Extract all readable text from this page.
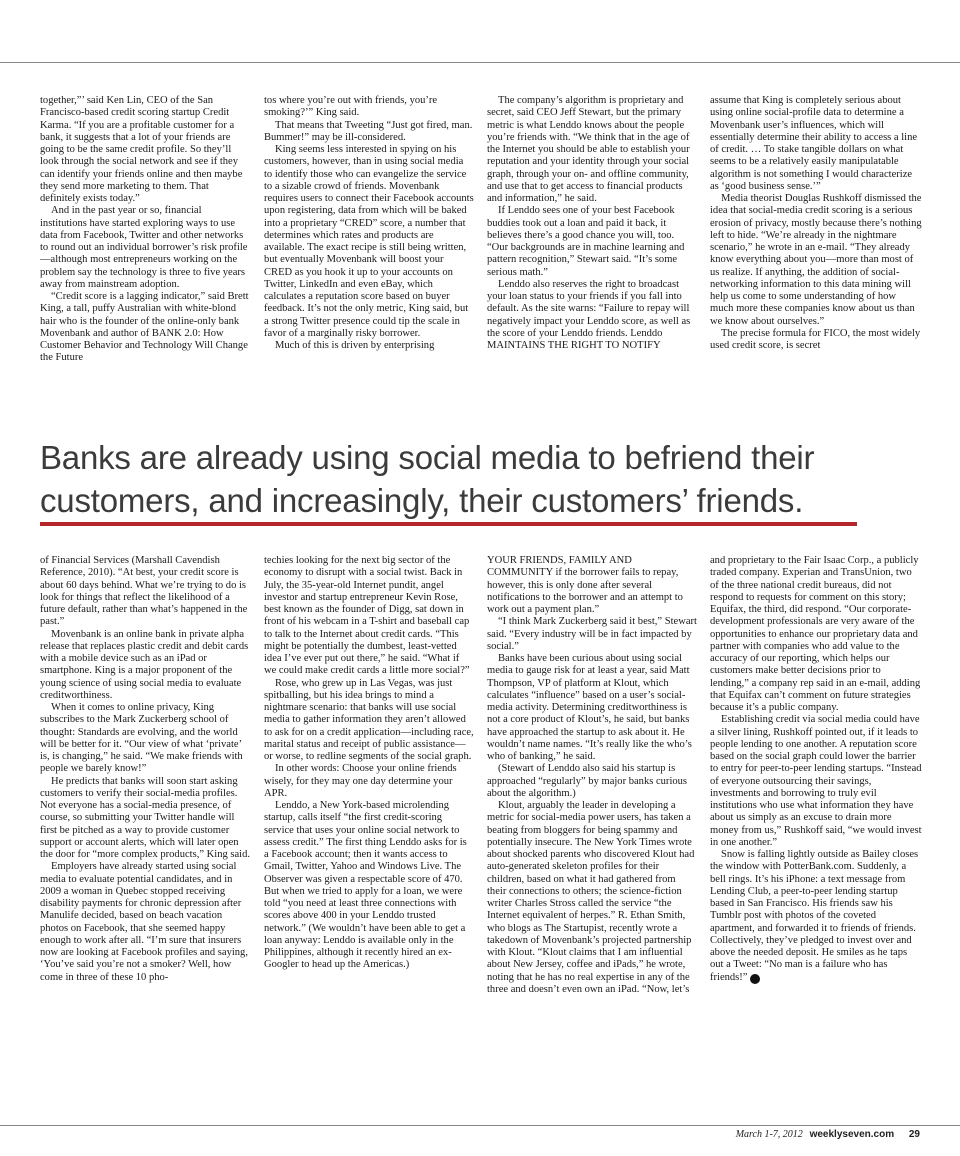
together,”’ said Ken Lin, CEO of the San Francisco-based credit scoring startup Credit Karma. “If you are a profitable customer for a bank, it suggests that a lot of your friends are going to be the same credit profile. So they’ll look through the social network and see if they can identify your friends online and then maybe they send more marketing to them. That definitely exists today.”

And in the past year or so, financial institutions have started exploring ways to use data from Facebook, Twitter and other networks to round out an individual borrower’s risk profile—although most entrepreneurs working on the problem say the technology is three to five years away from mainstream adoption.

“Credit score is a lagging indicator,” said Brett King, a tall, puffy Australian with white-blond hair who is the founder of the online-only bank Movenbank and author of BANK 2.0: How Customer Behavior and Technology Will Change the Future

tos where you’re out with friends, you’re smoking?’” King said.

That means that Tweeting “Just got fired, man. Bummer!” may be ill-considered.

King seems less interested in spying on his customers, however, than in using social media to identify those who can evangelize the service to a sizable crowd of friends. Movenbank requires users to connect their Facebook accounts upon registering, data from which will be baked into a proprietary “CRED” score, a number that determines which rates and products are available. The exact recipe is still being written, but eventually Movenbank will boost your CRED as you hook it up to your accounts on Twitter, LinkedIn and even eBay, which calculates a reputation score based on buyer feedback. It’s not the only metric, King said, but a strong Twitter presence could tip the scale in favor of a marginally risky borrower.

Much of this is driven by enterprising

The company’s algorithm is proprietary and secret, said CEO Jeff Stewart, but the primary metric is what Lenddo knows about the people you’re friends with. “We think that in the age of the Internet you should be able to establish your reputation and your identity through your social graph, through your on- and offline community, and use that to get access to financial products and information,” he said.

If Lenddo sees one of your best Facebook buddies took out a loan and paid it back, it believes there’s a good chance you will, too. “Our backgrounds are in machine learning and pattern recognition,” Stewart said. “It’s some serious math.”

Lenddo also reserves the right to broadcast your loan status to your friends if you fall into default. As the site warns: “Failure to repay will negatively impact your Lenddo score, as well as the score of your Lenddo friends. Lenddo MAINTAINS THE RIGHT TO NOTIFY

assume that King is completely serious about using online social-profile data to determine a Movenbank user’s influences, which will essentially determine their ability to access a line of credit. … To stake tangible dollars on what seems to be a relatively easily manipulatable algorithm is not something I would characterize as ‘good business sense.’”

Media theorist Douglas Rushkoff dismissed the idea that social-media credit scoring is a serious erosion of privacy, mostly because there’s nothing left to hide. “We’re already in the nightmare scenario,” he wrote in an e-mail. “They already know everything about you—more than most of us realize. If anything, the addition of social-networking information to this data mining will help us come to some understanding of how much more these companies know about us than we know about ourselves.”

The precise formula for FICO, the most widely used credit score, is secret

Banks are already using social media to befriend their customers, and increasingly, their customers’ friends.

of Financial Services (Marshall Cavendish Reference, 2010). “At best, your credit score is about 60 days behind. What we’re trying to do is look for things that reflect the likelihood of a future default, rather than what’s happened in the past.”

Movenbank is an online bank in private alpha release that replaces plastic credit and debit cards with a mobile device such as an iPad or smartphone. King is a major proponent of the young science of using social media to evaluate creditworthiness.

When it comes to online privacy, King subscribes to the Mark Zuckerberg school of thought: Standards are evolving, and the world will be better for it. “Our view of what ‘private’ is, is changing,” he said. “We make friends with people we barely know!”

He predicts that banks will soon start asking customers to verify their social-media profiles. Not everyone has a social-media presence, of course, so submitting your Twitter handle will first be pitched as a way to provide customer support or account alerts, which will later open the door for “more complex products,” King said.

Employers have already started using social media to evaluate potential candidates, and in 2009 a woman in Quebec stopped receiving disability payments for chronic depression after Manulife decided, based on beach vacation photos on Facebook, that she seemed happy enough to work after all. “I’m sure that insurers now are looking at Facebook profiles and saying, ‘You’ve said you’re not a smoker? Well, how come in three of these 10 pho-

techies looking for the next big sector of the economy to disrupt with a social twist. Back in July, the 35-year-old Internet pundit, angel investor and startup entrepreneur Kevin Rose, best known as the founder of Digg, sat down in front of his webcam in a T-shirt and baseball cap to talk to the Internet about credit cards. “This might be potentially the dumbest, least-vetted idea I’ve ever put out there,” he said. “What if we could make credit cards a little more social?”

Rose, who grew up in Las Vegas, was just spitballing, but his idea brings to mind a nightmare scenario: that banks will use social media to gather information they aren’t allowed to ask for on a credit application—including race, marital status and receipt of public assistance—or worse, to redline segments of the social graph.

In other words: Choose your online friends wisely, for they may one day determine your APR.

Lenddo, a New York-based microlending startup, calls itself “the first credit-scoring service that uses your online social network to assess credit.” The first thing Lenddo asks for is a Facebook account; then it wants access to Gmail, Twitter, Yahoo and Windows Live. The Observer was given a respectable score of 470. But when we tried to apply for a loan, we were told “you need at least three connections with scores above 400 in your Lenddo trusted network.” (We wouldn’t have been able to get a loan anyway: Lenddo is available only in the Philippines, although it recently hired an ex-Googler to head up the Americas.)

YOUR FRIENDS, FAMILY AND COMMUNITY if the borrower fails to repay, however, this is only done after several notifications to the borrower and an attempt to work out a payment plan.”

“I think Mark Zuckerberg said it best,” Stewart said. “Every industry will be in fact impacted by social.”

Banks have been curious about using social media to gauge risk for at least a year, said Matt Thompson, VP of platform at Klout, which calculates “influence” based on a user’s social-media activity. Determining creditworthiness is not a core product of Klout’s, he said, but banks have approached the startup to ask about it. He wouldn’t name names. “It’s really like the who’s who of banking,” he said.

(Stewart of Lenddo also said his startup is approached “regularly” by major banks curious about the algorithm.)

Klout, arguably the leader in developing a metric for social-media power users, has taken a beating from bloggers for being spammy and potentially insecure. The New York Times wrote about shocked parents who discovered Klout had auto-generated skeleton profiles for their children, based on what it had gathered from their connections to others; the science-fiction writer Charles Stross called the service “the Internet equivalent of herpes.” R. Ethan Smith, who blogs as The Startupist, recently wrote a takedown of Movenbank’s projected partnership with Klout. “Klout claims that I am influential about New Jersey, coffee and iPads,” he wrote, noting that he has no real expertise in any of the three and doesn’t even own an iPad. “Now, let’s

and proprietary to the Fair Isaac Corp., a publicly traded company. Experian and TransUnion, two of the three national credit bureaus, did not respond to requests for comment on this story; Equifax, the third, did respond. “Our corporate-development professionals are very aware of the opportunities to enhance our proprietary data and partner with companies who add value to the accuracy of our reporting, which helps our customers make better decisions prior to lending,” a company rep said in an e-mail, adding that Equifax can’t comment on future strategies because it’s a public company.

Establishing credit via social media could have a silver lining, Rushkoff pointed out, if it leads to people lending to one another. A reputation score based on the social graph could lower the barrier to entry for peer-to-peer lending startups. “Instead of everyone outsourcing their savings, investments and borrowing to truly evil institutions who use what information they have about us simply as an excuse to drain more money from us,” Rushkoff said, “we would invest in one another.”

Snow is falling lightly outside as Bailey closes the window with PotterBank.com. Suddenly, a bell rings. It’s his iPhone: a text message from Lending Club, a peer-to-peer lending startup based in San Francisco. His friends saw his Tumblr post with photos of the coveted apartment, and forwarded it to friends of friends. Collectively, they’ve pledged to invest over and above the needed deposit. He smiles as he taps out a Tweet: “No man is a failure who has friends!” 7

March 1-7, 2012 weeklyseven.com 29
